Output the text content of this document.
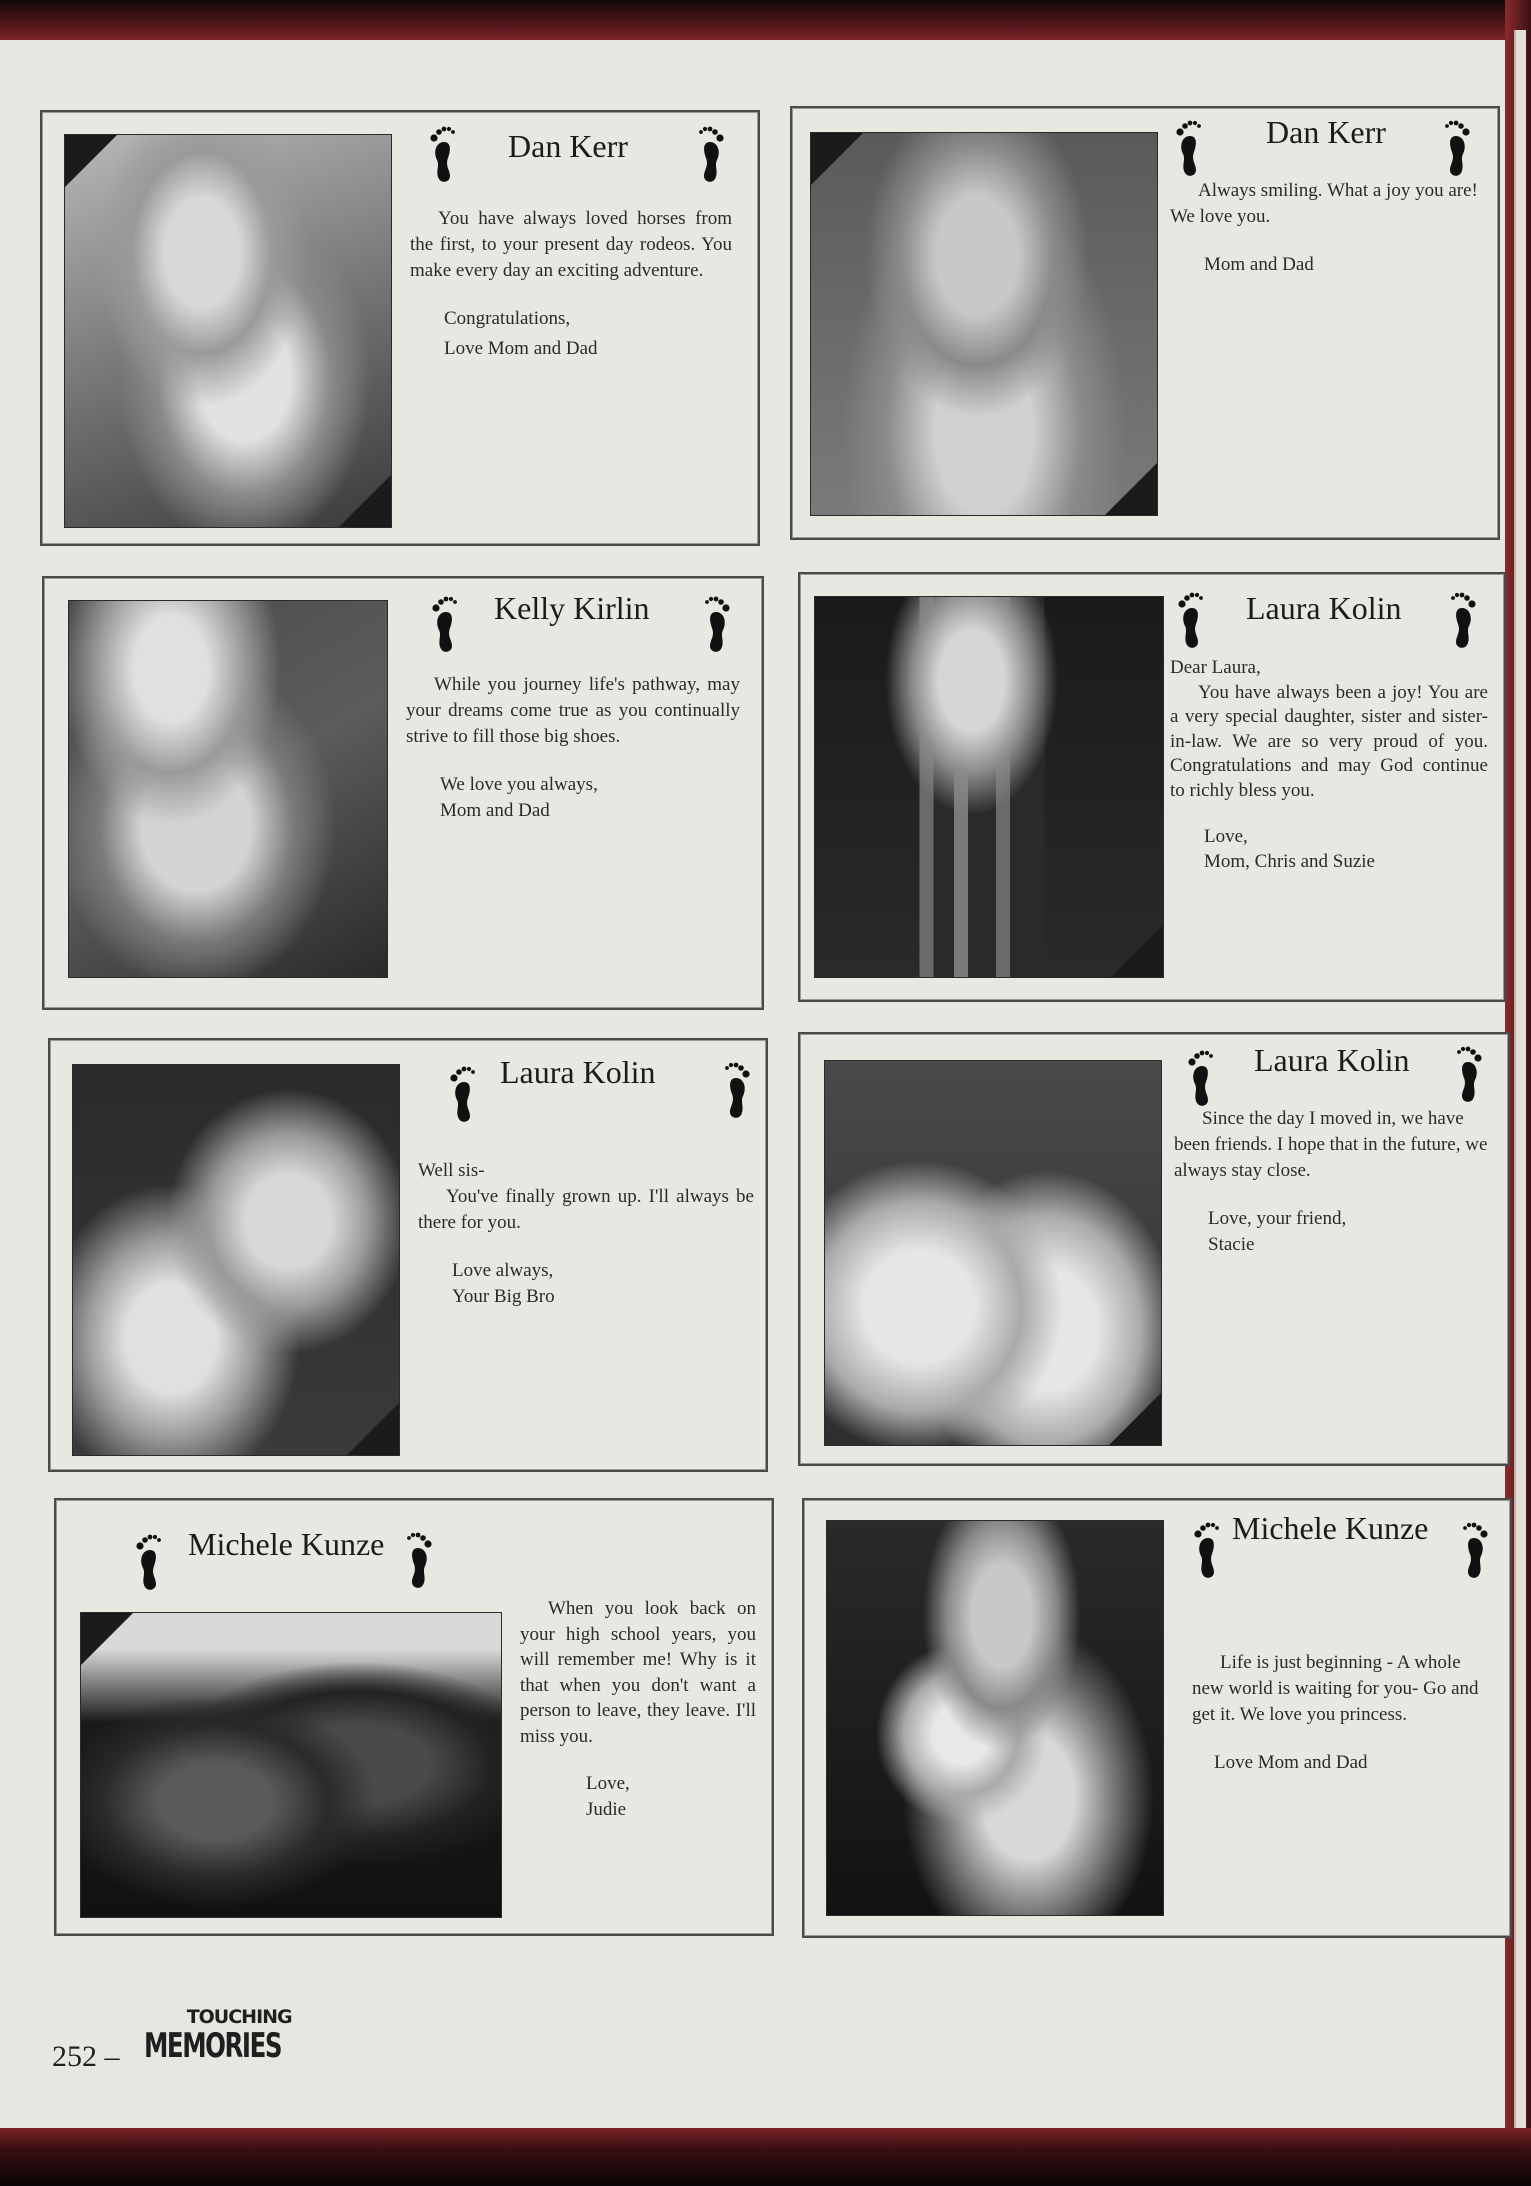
Dan Kerr

You have always loved horses from the first, to your present day rodeos. You make every day an exciting adventure.

Congratulations,

Love Mom and Dad

Dan Kerr

Always smiling. What a joy you are! We love you.

Mom and Dad

Kelly Kirlin

While you journey life's pathway, may your dreams come true as you continually strive to fill those big shoes.

We love you always,

Mom and Dad

Laura Kolin

Dear Laura,

You have always been a joy! You are a very special daughter, sister and sister-in-law. We are so very proud of you. Congratulations and may God continue to richly bless you.

Love,

Mom, Chris and Suzie

Laura Kolin

Well sis-

You've finally grown up. I'll always be there for you.

Love always,

Your Big Bro

Laura Kolin

Since the day I moved in, we have been friends. I hope that in the future, we always stay close.

Love, your friend,

Stacie

Michele Kunze

When you look back on your high school years, you will remember me! Why is it that when you don't want a person to leave, they leave. I'll miss you.

Love,

Judie

Michele Kunze

Life is just beginning - A whole new world is waiting for you- Go and get it. We love you princess.

Love Mom and Dad

252 –
TOUCHING
MEMORIES
